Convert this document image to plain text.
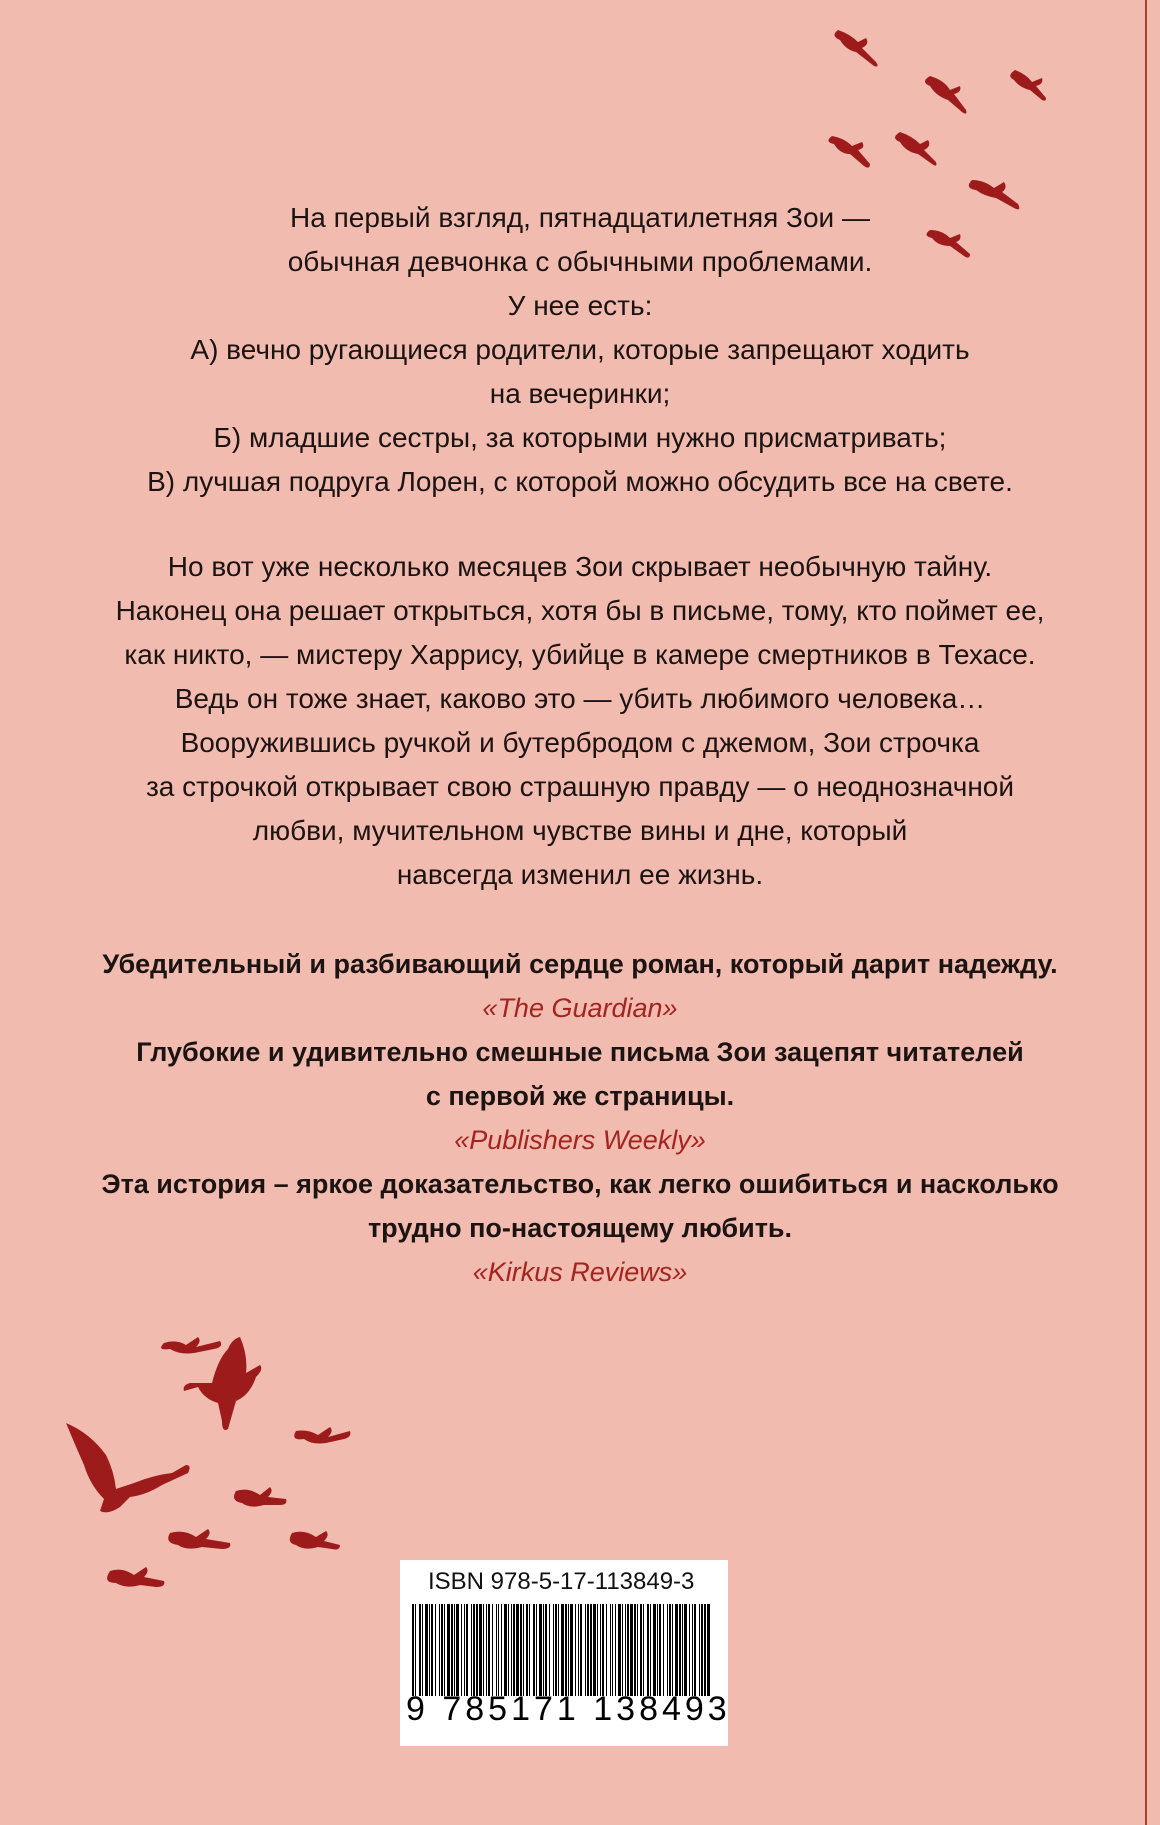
На первый взгляд, пятнадцатилетняя Зои —
обычная девчонка с обычными проблемами.
У нее есть:
А) вечно ругающиеся родители, которые запрещают ходить
на вечеринки;
Б) младшие сестры, за которыми нужно присматривать;
В) лучшая подруга Лорен, с которой можно обсудить все на свете.
Но вот уже несколько месяцев Зои скрывает необычную тайну.
Наконец она решает открыться, хотя бы в письме, тому, кто поймет ее,
как никто, — мистеру Харрису, убийце в камере смертников в Техасе.
Ведь он тоже знает, каково это — убить любимого человека…
Вооружившись ручкой и бутербродом с джемом, Зои строчка
за строчкой открывает свою страшную правду — о неоднозначной
любви, мучительном чувстве вины и дне, который
навсегда изменил ее жизнь.
Убедительный и разбивающий сердце роман, который дарит надежду.
«The Guardian»
Глубокие и удивительно смешные письма Зои зацепят читателей
с первой же страницы.
«Publishers Weekly»
Эта история – яркое доказательство, как легко ошибиться и насколько
трудно по-настоящему любить.
«Kirkus Reviews»
ISBN 978-5-17-113849-3
9 785171 138493
